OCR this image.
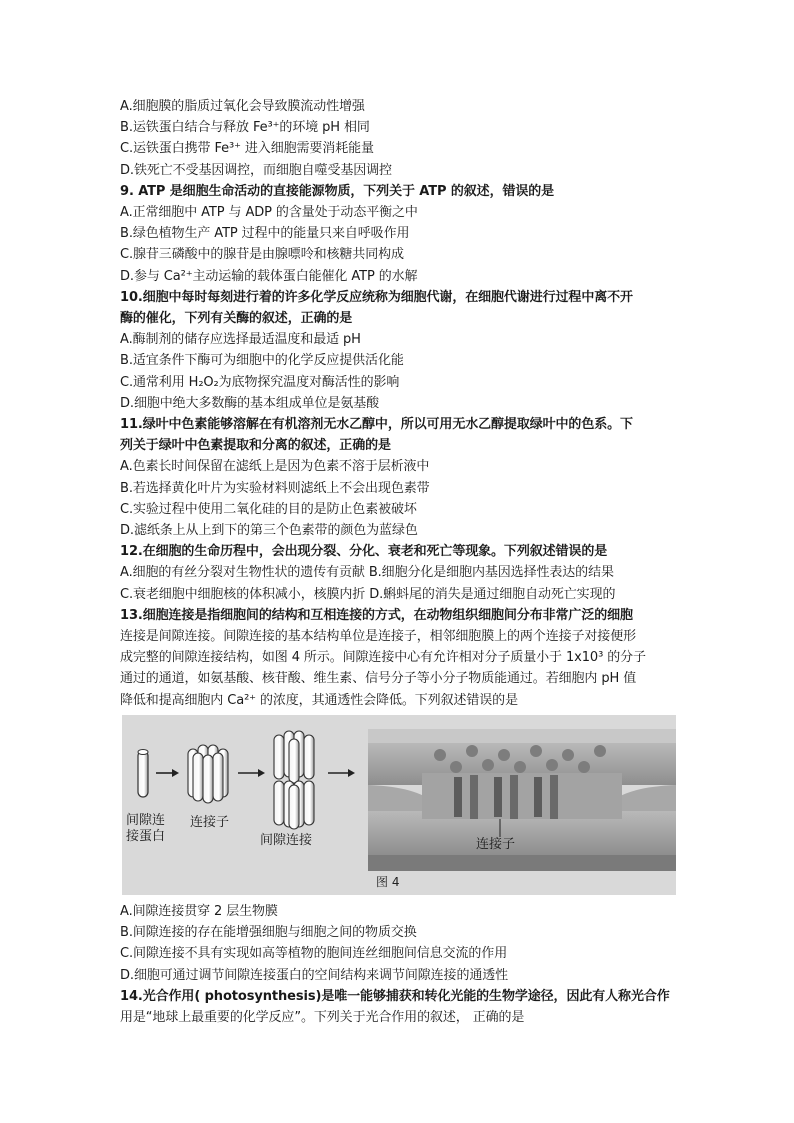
A.细胞膜的脂质过氧化会导致膜流动性增强
B.运铁蛋白结合与释放 Fe³⁺的环境 pH 相同
C.运铁蛋白携带 Fe³⁺ 进入细胞需要消耗能量
D.铁死亡不受基因调控，而细胞自噬受基因调控
9. ATP 是细胞生命活动的直接能源物质，下列关于 ATP 的叙述，错误的是
A.正常细胞中 ATP 与 ADP 的含量处于动态平衡之中
B.绿色植物生产 ATP 过程中的能量只来自呼吸作用
C.腺苷三磷酸中的腺苷是由腺嘌呤和核糖共同构成
D.参与 Ca²⁺主动运输的载体蛋白能催化 ATP 的水解
10.细胞中每时每刻进行着的许多化学反应统称为细胞代谢，在细胞代谢进行过程中离不开
酶的催化，下列有关酶的叙述，正确的是
A.酶制剂的储存应选择最适温度和最适 pH
B.适宜条件下酶可为细胞中的化学反应提供活化能
C.通常利用 H₂O₂为底物探究温度对酶活性的影响
D.细胞中绝大多数酶的基本组成单位是氨基酸
11.绿叶中色素能够溶解在有机溶剂无水乙醇中，所以可用无水乙醇提取绿叶中的色系。下
列关于绿叶中色素提取和分离的叙述，正确的是
A.色素长时间保留在滤纸上是因为色素不溶于层析液中
B.若选择黄化叶片为实验材料则滤纸上不会出现色素带
C.实验过程中使用二氧化硅的目的是防止色素被破坏
D.滤纸条上从上到下的第三个色素带的颜色为蓝绿色
12.在细胞的生命历程中，会出现分裂、分化、衰老和死亡等现象。下列叙述错误的是
A.细胞的有丝分裂对生物性状的遗传有贡献 B.细胞分化是细胞内基因选择性表达的结果
C.衰老细胞中细胞核的体积减小，核膜内折 D.蝌蚪尾的消失是通过细胞自动死亡实现的
13.细胞连接是指细胞间的结构和互相连接的方式，在动物组织细胞间分布非常广泛的细胞
连接是间隙连接。间隙连接的基本结构单位是连接子，相邻细胞膜上的两个连接子对接便形
成完整的间隙连接结构，如图 4 所示。间隙连接中心有允许相对分子质量小于 1x10³ 的分子
通过的通道，如氨基酸、核苷酸、维生素、信号分子等小分子物质能通过。若细胞内 pH 值
降低和提高细胞内 Ca²⁺ 的浓度，其通透性会降低。下列叙述错误的是
间隙连
接蛋白
连接子
间隙连接	连接子
图 4
A.间隙连接贯穿 2 层生物膜
B.间隙连接的存在能增强细胞与细胞之间的物质交换
C.间隙连接不具有实现如高等植物的胞间连丝细胞间信息交流的作用
D.细胞可通过调节间隙连接蛋白的空间结构来调节间隙连接的通透性
14.光合作用( photosynthesis)是唯一能够捕获和转化光能的生物学途径，因此有人称光合作
用是“地球上最重要的化学反应”。下列关于光合作用的叙述， 正确的是
